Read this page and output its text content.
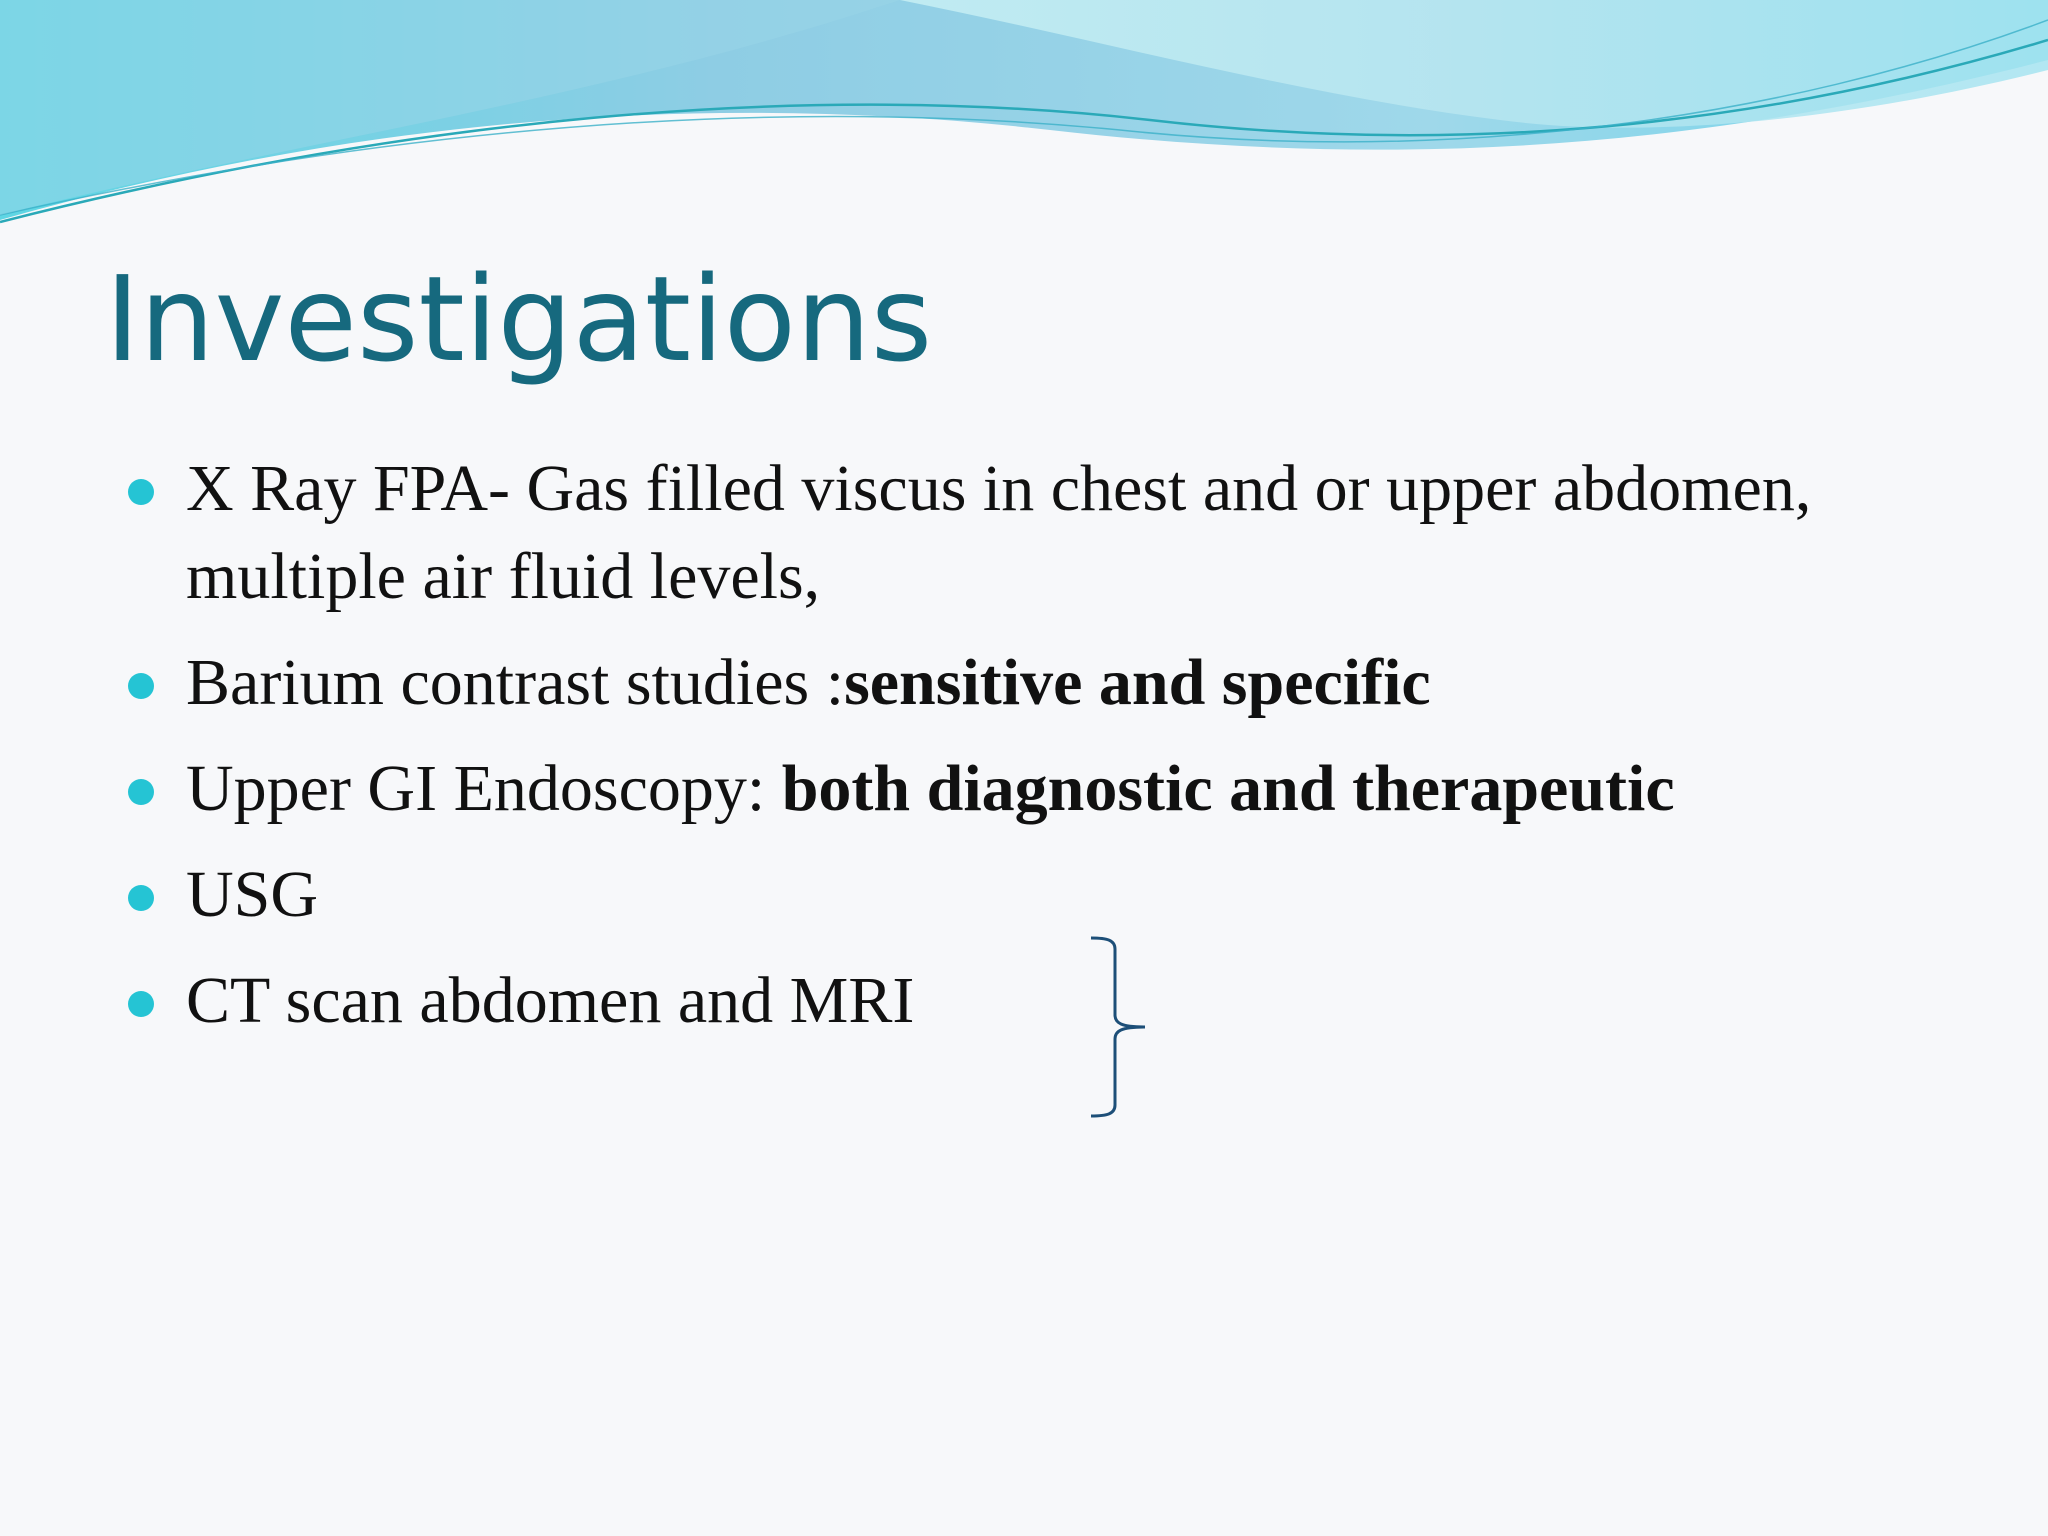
Investigations
X Ray FPA- Gas filled viscus in chest and or upper abdomen, multiple air fluid levels,
Barium contrast studies :sensitive and specific
Upper GI Endoscopy: both diagnostic and therapeutic
USG
CT scan abdomen and MRI
